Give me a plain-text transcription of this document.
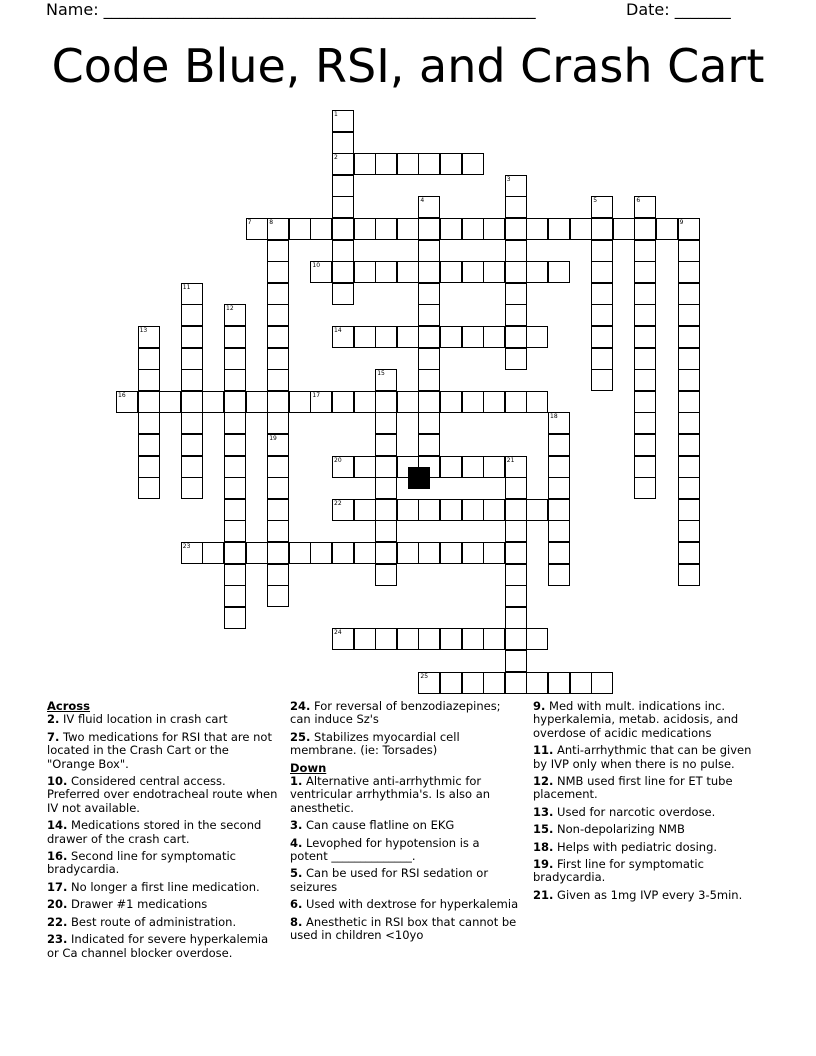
Name: ______________________________________________________	Date: _______
Code Blue, RSI, and Crash Cart
1
2
3
4	5	6
7	8	9
19
10
11
12
13	14
15
16	17
18
20	21
22
23
24
25
Across
2. IV fluid location in crash cart
7. Two medications for RSI that are not located in the Crash Cart or the "Orange Box".
10. Considered central access. Preferred over endotracheal route when IV not available.
14. Medications stored in the second drawer of the crash cart.
16. Second line for symptomatic bradycardia.
17. No longer a first line medication.
20. Drawer #1 medications
22. Best route of administration.
23. Indicated for severe hyperkalemia or Ca channel blocker overdose.
24. For reversal of benzodiazepines; can induce Sz's
25. Stabilizes myocardial cell membrane. (ie: Torsades)
Down
1. Alternative anti-arrhythmic for ventricular arrhythmia's. Is also an anesthetic.
3. Can cause flatline on EKG
4. Levophed for hypotension is a potent ______________.
5. Can be used for RSI sedation or seizures
6. Used with dextrose for hyperkalemia
8. Anesthetic in RSI box that cannot be used in children <10yo
9. Med with mult. indications inc. hyperkalemia, metab. acidosis, and overdose of acidic medications
11. Anti-arrhythmic that can be given by IVP only when there is no pulse.
12. NMB used first line for ET tube placement.
13. Used for narcotic overdose.
15. Non-depolarizing NMB
18. Helps with pediatric dosing.
19. First line for symptomatic bradycardia.
21. Given as 1mg IVP every 3-5min.
